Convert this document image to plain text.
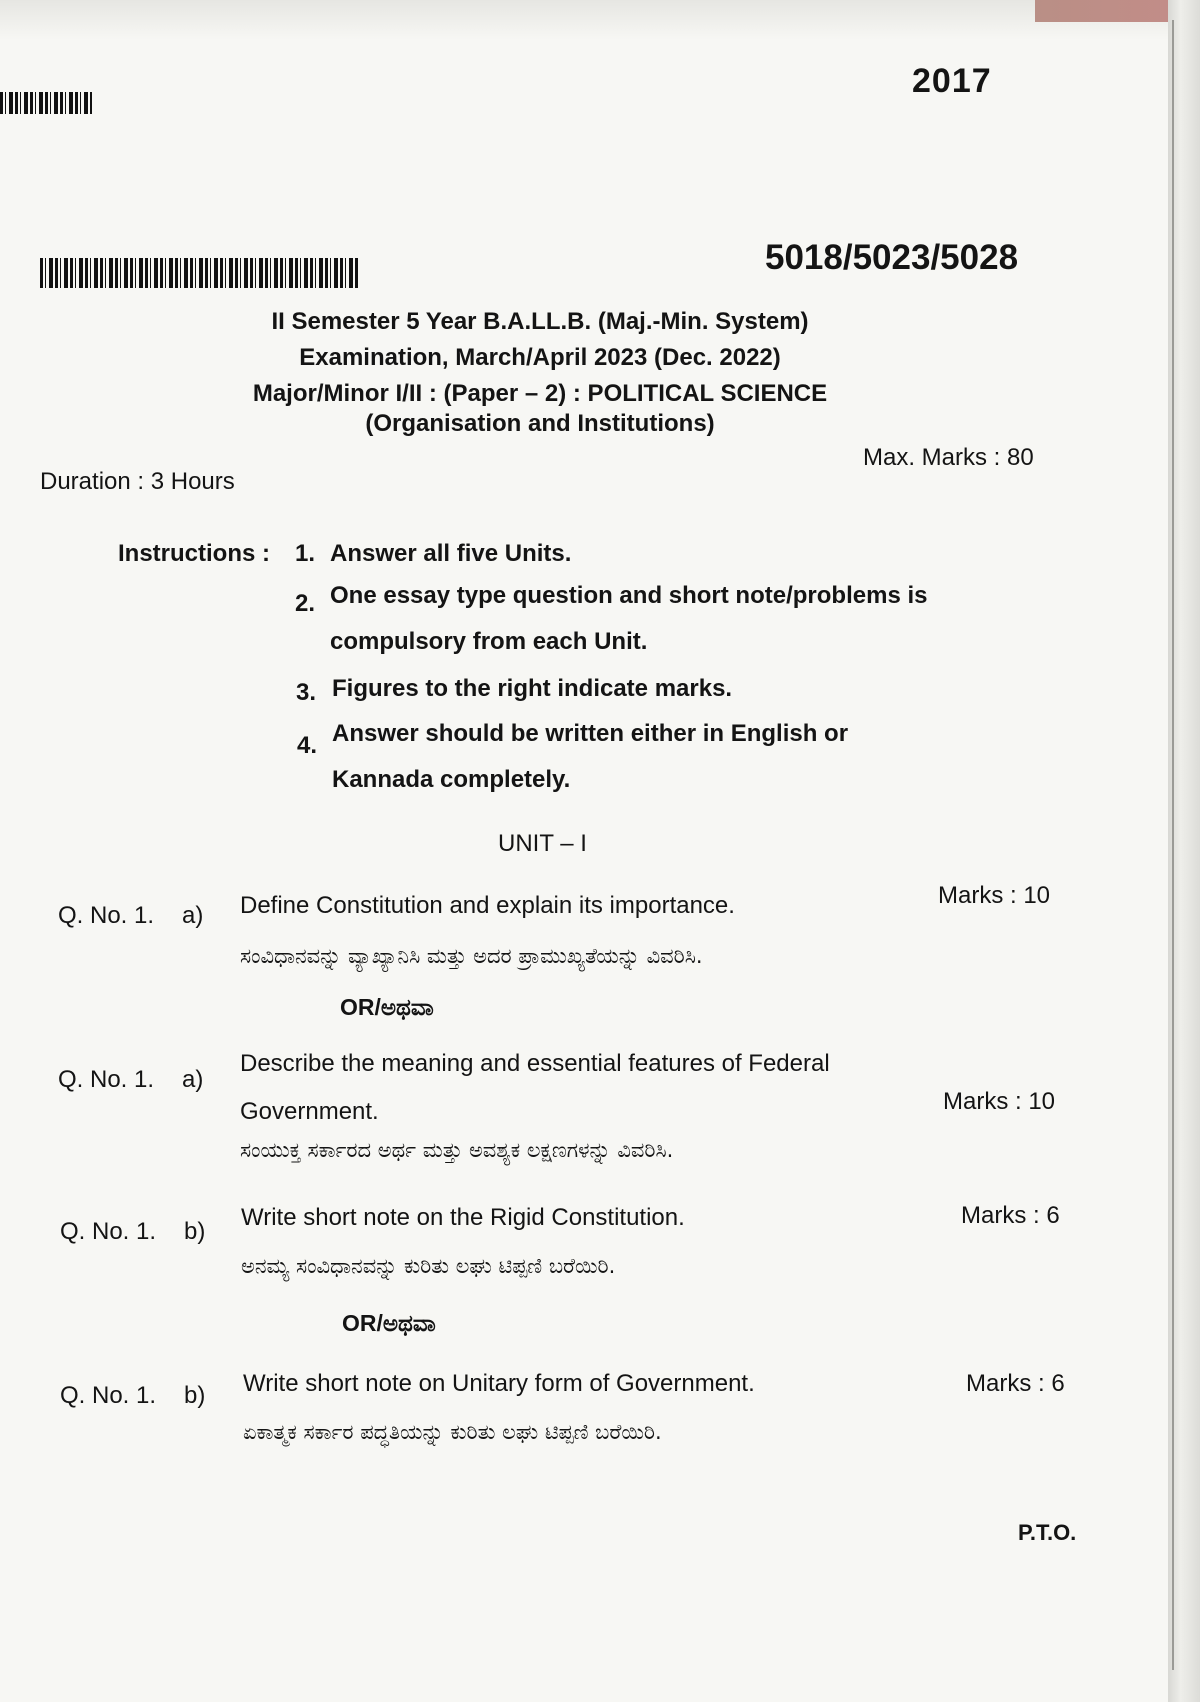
2017
5018/5023/5028
II Semester 5 Year B.A.LL.B. (Maj.-Min. System)
Examination, March/April 2023 (Dec. 2022)
Major/Minor I/II : (Paper – 2) : POLITICAL SCIENCE
(Organisation and Institutions)
Duration : 3 Hours
Max. Marks : 80
Instructions : 1. Answer all five Units.
2. One essay type question and short note/problems is
compulsory from each Unit.
3. Figures to the right indicate marks.
4. Answer should be written either in English or
Kannada completely.
UNIT – I
Q. No. 1. a) Define Constitution and explain its importance.	Marks : 10
ಸಂವಿಧಾನವನ್ನು ವ್ಯಾಖ್ಯಾನಿಸಿ ಮತ್ತು ಅದರ ಪ್ರಾಮುಖ್ಯತೆಯನ್ನು ವಿವರಿಸಿ.
OR/ಅಥವಾ
Q. No. 1. a)
Describe the meaning and essential features of Federal
Government.	Marks : 10
ಸಂಯುಕ್ತ ಸರ್ಕಾರದ ಅರ್ಥ ಮತ್ತು ಅವಶ್ಯಕ ಲಕ್ಷಣಗಳನ್ನು ವಿವರಿಸಿ.
Q. No. 1. b)
Write short note on the Rigid Constitution.	Marks : 6
ಅನಮ್ಯ ಸಂವಿಧಾನವನ್ನು ಕುರಿತು ಲಘು ಟಿಪ್ಪಣಿ ಬರೆಯಿರಿ.
OR/ಅಥವಾ
Q. No. 1. b) Write short note on Unitary form of Government.	Marks : 6
ಏಕಾತ್ಮಕ ಸರ್ಕಾರ ಪದ್ಧತಿಯನ್ನು ಕುರಿತು ಲಘು ಟಿಪ್ಪಣಿ ಬರೆಯಿರಿ.
P.T.O.
